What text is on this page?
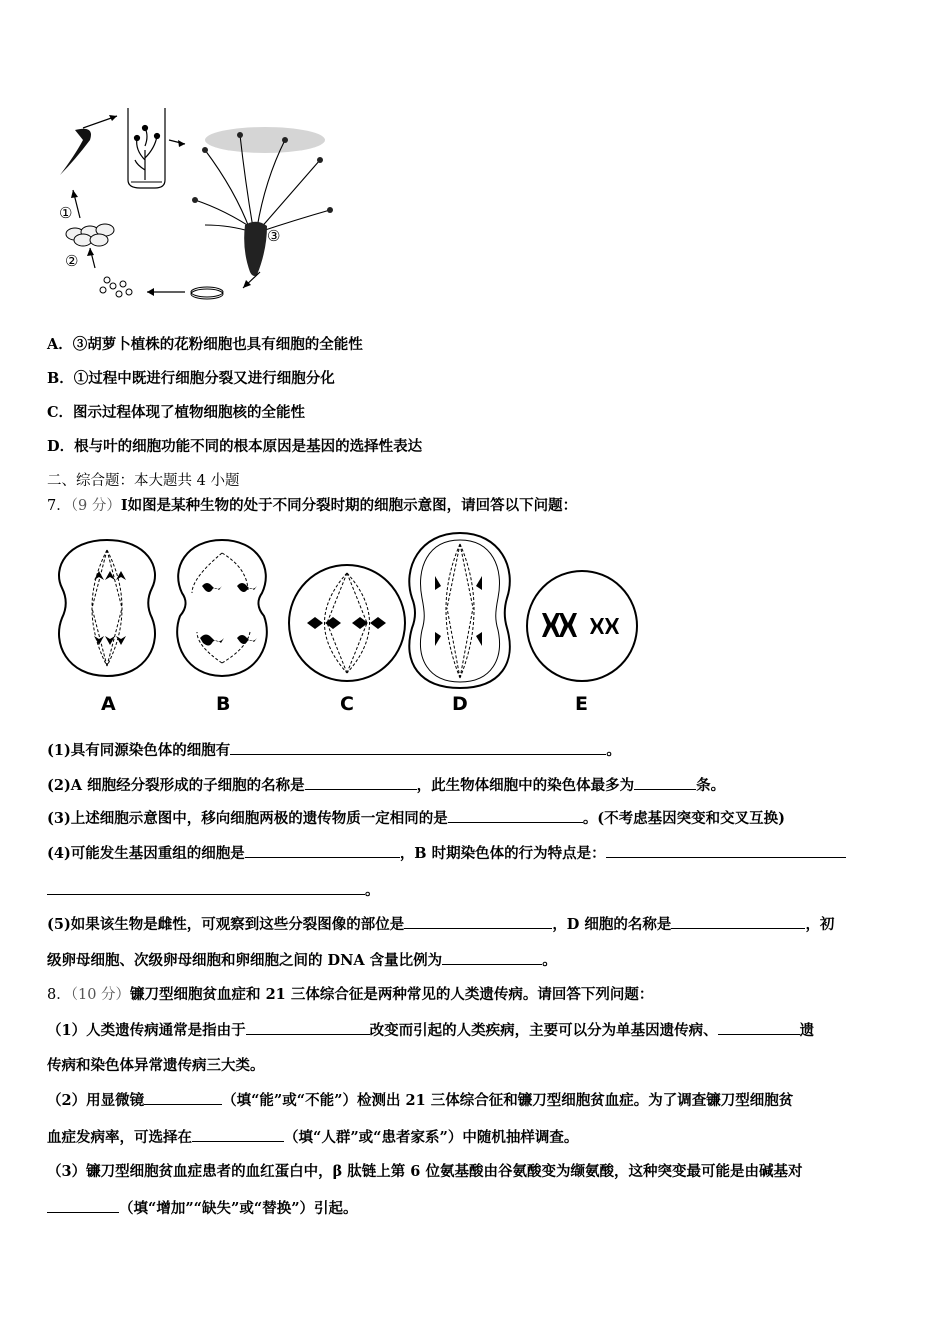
②
①
③
A．③胡萝卜植株的花粉细胞也具有细胞的全能性
B．①过程中既进行细胞分裂又进行细胞分化
C．图示过程体现了植物细胞核的全能性
D．根与叶的细胞功能不同的根本原因是基因的选择性表达
二、综合题：本大题共 4 小题
7．（9 分）Ⅰ如图是某种生物的处于不同分裂时期的细胞示意图，请回答以下问题：
A	B	C	D	E
(1)具有同源染色体的细胞有	。
(2)A 细胞经分裂形成的子细胞的名称是	，此生物体细胞中的染色体最多为	条。
(3)上述细胞示意图中，移向细胞两极的遗传物质一定相同的是	。(不考虑基因突变和交叉互换)
(4)可能发生基因重组的细胞是	，B 时期染色体的行为特点是：
。
(5)如果该生物是雌性，可观察到这些分裂图像的部位是	，D 细胞的名称是	，初
级卵母细胞、次级卵母细胞和卵细胞之间的 DNA 含量比例为	。
8．（10 分）镰刀型细胞贫血症和 21 三体综合征是两种常见的人类遗传病。请回答下列问题：
（1）人类遗传病通常是指由于	改变而引起的人类疾病，主要可以分为单基因遗传病、	遗
传病和染色体异常遗传病三大类。
（2）用显微镜	（填“能”或“不能”）检测出 21 三体综合征和镰刀型细胞贫血症。为了调查镰刀型细胞贫
血症发病率，可选择在	（填“人群”或“患者家系”）中随机抽样调查。
（3）镰刀型细胞贫血症患者的血红蛋白中，β 肽链上第 6 位氨基酸由谷氨酸变为缬氨酸，这种突变最可能是由碱基对
（填“增加”“缺失”或“替换”）引起。
